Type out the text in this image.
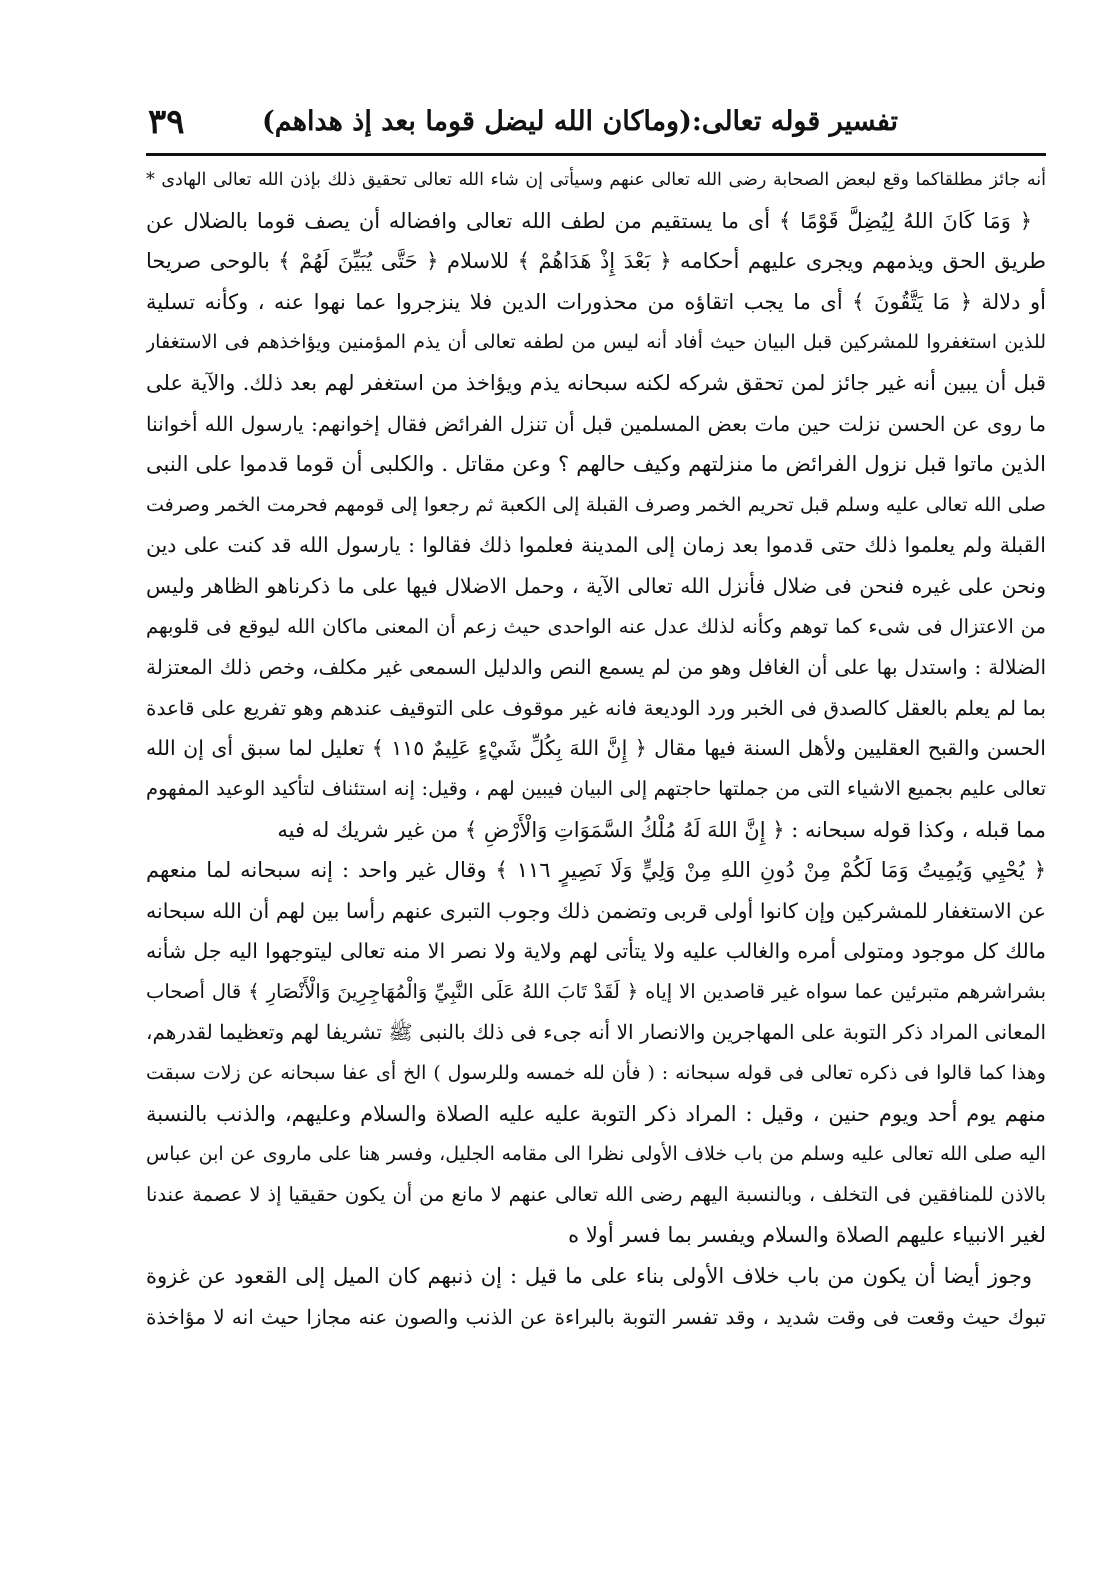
تفسير قوله تعالى:(وماكان الله ليضل قوما بعد إذ هداهم)
٣٩
أنه جائز مطلقاكما وقع لبعض الصحابة رضى الله تعالى عنهم وسيأتى إن شاء الله تعالى تحقيق ذلك بإذن الله تعالى الهادى *
﴿ وَمَا كَانَ اللهُ لِيُضِلَّ قَوْمًا ﴾ أى ما يستقيم من لطف الله تعالى وافضاله أن يصف قوما بالضلال عن
طريق الحق ويذمهم ويجرى عليهم أحكامه ﴿ بَعْدَ إِذْ هَدَاهُمْ ﴾ للاسلام ﴿ حَتَّى يُبَيِّنَ لَهُمْ ﴾ بالوحى صريحا
أو دلالة ﴿ مَا يَتَّقُونَ ﴾ أى ما يجب اتقاؤه من محذورات الدين فلا ينزجروا عما نهوا عنه ، وكأنه تسلية
للذين استغفروا للمشركين قبل البيان حيث أفاد أنه ليس من لطفه تعالى أن يذم المؤمنين ويؤاخذهم فى الاستغفار
قبل أن يبين أنه غير جائز لمن تحقق شركه لكنه سبحانه يذم ويؤاخذ من استغفر لهم بعد ذلك. والآية على
ما روى عن الحسن نزلت حين مات بعض المسلمين قبل أن تنزل الفرائض فقال إخوانهم: يارسول الله أخواننا
الذين ماتوا قبل نزول الفرائض ما منزلتهم وكيف حالهم ؟ وعن مقاتل . والكلبى أن قوما قدموا على النبى
صلى الله تعالى عليه وسلم قبل تحريم الخمر وصرف القبلة إلى الكعبة ثم رجعوا إلى قومهم فحرمت الخمر وصرفت
القبلة ولم يعلموا ذلك حتى قدموا بعد زمان إلى المدينة فعلموا ذلك فقالوا : يارسول الله قد كنت على دين
ونحن على غيره فنحن فى ضلال فأنزل الله تعالى الآية ، وحمل الاضلال فيها على ما ذكرناهو الظاهر وليس
من الاعتزال فى شىء كما توهم وكأنه لذلك عدل عنه الواحدى حيث زعم أن المعنى ماكان الله ليوقع فى قلوبهم
الضلالة : واستدل بها على أن الغافل وهو من لم يسمع النص والدليل السمعى غير مكلف، وخص ذلك المعتزلة
بما لم يعلم بالعقل كالصدق فى الخبر ورد الوديعة فانه غير موقوف على التوقيف عندهم وهو تفريع على قاعدة
الحسن والقبح العقليين ولأهل السنة فيها مقال ﴿ إِنَّ اللهَ بِكُلِّ شَيْءٍ عَلِيمٌ ١١٥ ﴾ تعليل لما سبق أى إن الله
تعالى عليم بجميع الاشياء التى من جملتها حاجتهم إلى البيان فيبين لهم ، وقيل: إنه استئناف لتأكيد الوعيد المفهوم
مما قبله ، وكذا قوله سبحانه : ﴿ إِنَّ اللهَ لَهُ مُلْكُ السَّمَوَاتِ وَالْأَرْضِ ﴾ من غير شريك له فيه
﴿ يُحْيِي وَيُمِيتُ وَمَا لَكُمْ مِنْ دُونِ اللهِ مِنْ وَلِيٍّ وَلَا نَصِيرٍ ١١٦ ﴾ وقال غير واحد : إنه سبحانه لما منعهم
عن الاستغفار للمشركين وإن كانوا أولى قربى وتضمن ذلك وجوب التبرى عنهم رأسا بين لهم أن الله سبحانه
مالك كل موجود ومتولى أمره والغالب عليه ولا يتأتى لهم ولاية ولا نصر الا منه تعالى ليتوجهوا اليه جل شأنه
بشراشرهم متبرئين عما سواه غير قاصدين الا إياه ﴿ لَقَدْ تَابَ اللهُ عَلَى النَّبِيِّ وَالْمُهَاجِرِينَ وَالْأَنْصَارِ ﴾ قال أصحاب
المعانى المراد ذكر التوبة على المهاجرين والانصار الا أنه جىء فى ذلك بالنبى ﷺ تشريفا لهم وتعظيما لقدرهم،
وهذا كما قالوا فى ذكره تعالى فى قوله سبحانه : ( فأن لله خمسه وللرسول ) الخ أى عفا سبحانه عن زلات سبقت
منهم يوم أحد ويوم حنين ، وقيل : المراد ذكر التوبة عليه عليه الصلاة والسلام وعليهم، والذنب بالنسبة
اليه صلى الله تعالى عليه وسلم من باب خلاف الأولى نظرا الى مقامه الجليل، وفسر هنا على ماروى عن ابن عباس
بالاذن للمنافقين فى التخلف ، وبالنسبة اليهم رضى الله تعالى عنهم لا مانع من أن يكون حقيقيا إذ لا عصمة عندنا
لغير الانبياء عليهم الصلاة والسلام ويفسر بما فسر أولا ه
وجوز أيضا أن يكون من باب خلاف الأولى بناء على ما قيل : إن ذنبهم كان الميل إلى القعود عن غزوة
تبوك حيث وقعت فى وقت شديد ، وقد تفسر التوبة بالبراءة عن الذنب والصون عنه مجازا حيث انه لا مؤاخذة
